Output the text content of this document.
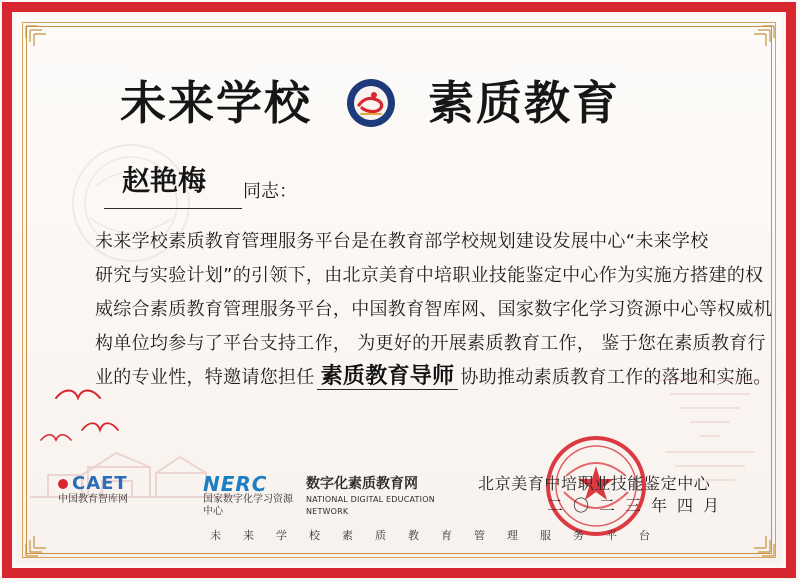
未来学校	素质教育
赵艳梅 同志：
未来学校素质教育管理服务平台是在教育部学校规划建设发展中心“未来学校
研究与实验计划”的引领下，由北京美育中培职业技能鉴定中心作为实施方搭建的权
威综合素质教育管理服务平台，中国教育智库网、国家数字化学习资源中心等权威机
构单位均参与了平台支持工作， 为更好的开展素质教育工作， 鉴于您在素质教育行
业的专业性，特邀请您担任 素质教育导师 协助推动素质教育工作的落地和实施。
CAET
中国教育智库网
NERC
国家数字化学习资源中心
数字化素质教育网
NATIONAL DIGITAL EDUCATION NETWORK
北京美育中培职业技能鉴定中心
二〇二三年四月
未来学校素质教育管理服务平台
